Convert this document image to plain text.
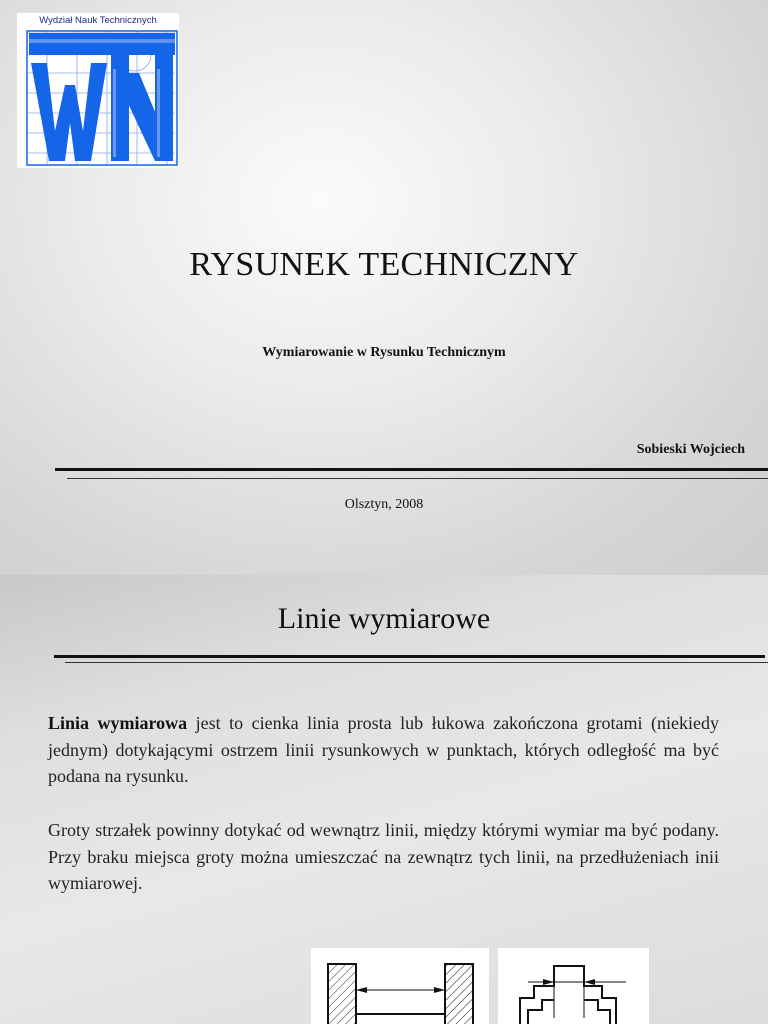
Wydział Nauk Technicznych
RYSUNEK TECHNICZNY
Wymiarowanie w Rysunku Technicznym
Sobieski Wojciech
Olsztyn, 2008
Linie wymiarowe
Linia wymiarowa jest to cienka linia prosta lub łukowa zakończona grotami (niekiedy jednym) dotykającymi ostrzem linii rysunkowych w punktach, których odległość ma być podana na rysunku.
Groty strzałek powinny dotykać od wewnątrz linii, między którymi wymiar ma być podany. Przy braku miejsca groty można umieszczać na zewnątrz tych linii, na przedłużeniach inii wymiarowej.
